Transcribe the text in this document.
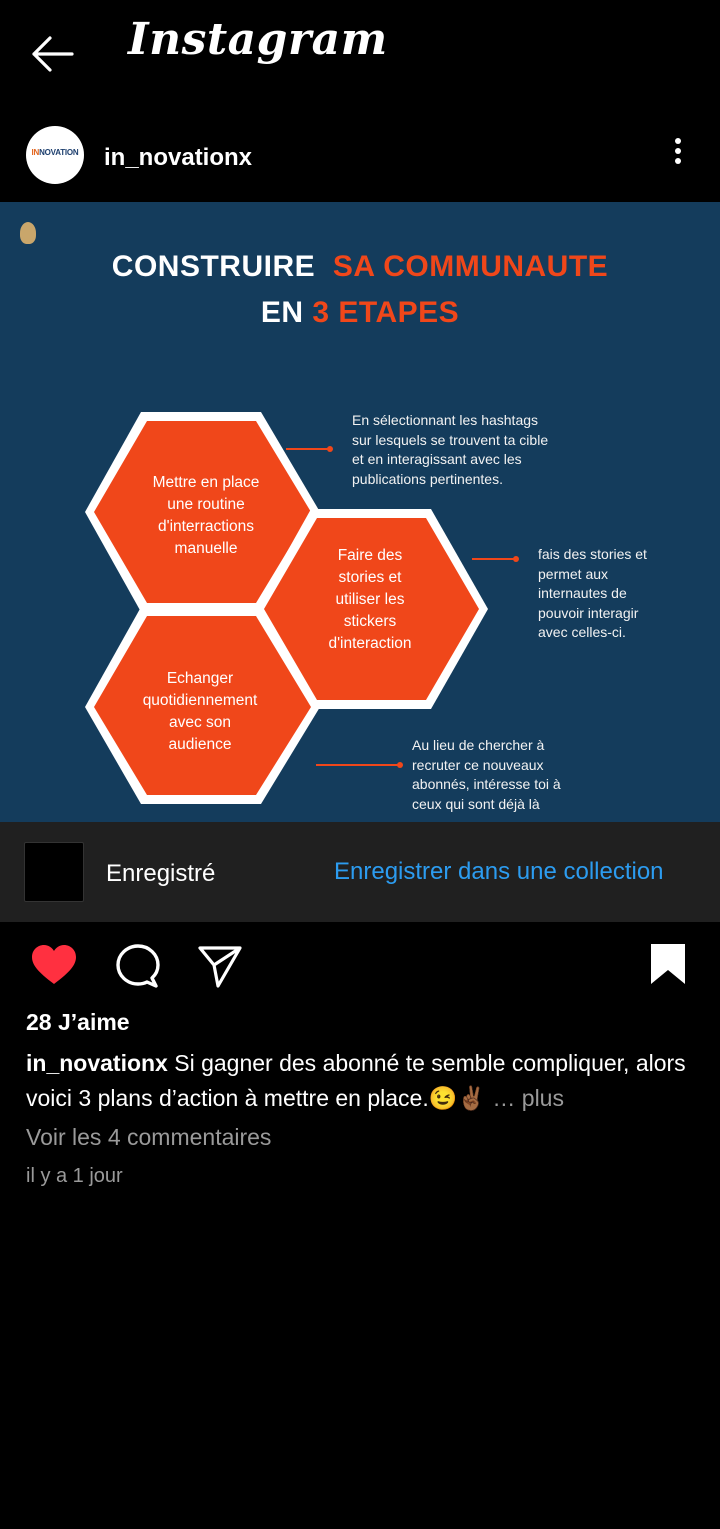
Instagram
INNOVATION in_novationx
CONSTRUIRE SA COMMUNAUTE
EN 3 ETAPES
Mettre en place
une routine
d'interractions
manuelle	Faire des
stories et
utiliser les
stickers
d'interaction
Echanger
quotidiennement
avec son
audience
En sélectionnant les hashtags
sur lesquels se trouvent ta cible
et en interagissant avec les
publications pertinentes.
fais des stories et
permet aux
internautes de
pouvoir interagir
avec celles-ci.
Au lieu de chercher à
recruter ce nouveaux
abonnés, intéresse toi à
ceux qui sont déjà là
Enregistré	Enregistrer dans une collection
28 J’aime
in_novationx Si gagner des abonné te semble compliquer, alors voici 3 plans d’action à mettre en place.😉✌🏾 … plus
Voir les 4 commentaires
il y a 1 jour
